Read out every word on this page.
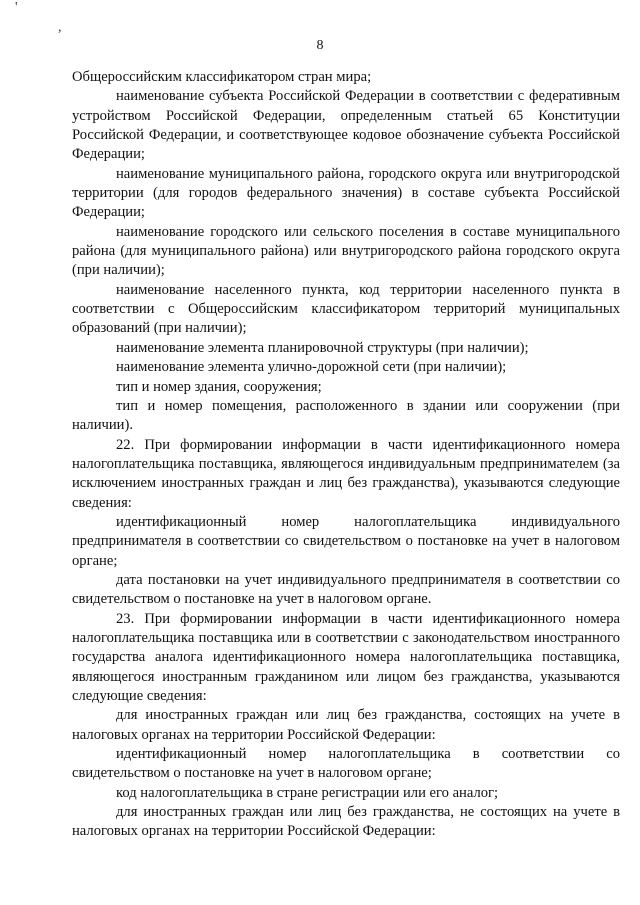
'
,
8

Общероссийским классификатором стран мира;

наименование субъекта Российской Федерации в соответствии с федеративным устройством Российской Федерации, определенным статьей 65 Конституции Российской Федерации, и соответствующее кодовое обозначение субъекта Российской Федерации;

наименование муниципального района, городского округа или внутригородской территории (для городов федерального значения) в составе субъекта Российской Федерации;

наименование городского или сельского поселения в составе муниципального района (для муниципального района) или внутригородского района городского округа (при наличии);

наименование населенного пункта, код территории населенного пункта в соответствии с Общероссийским классификатором территорий муниципальных образований (при наличии);

наименование элемента планировочной структуры (при наличии);

наименование элемента улично-дорожной сети (при наличии);

тип и номер здания, сооружения;

тип и номер помещения, расположенного в здании или сооружении (при наличии).

22. При формировании информации в части идентификационного номера налогоплательщика поставщика, являющегося индивидуальным предпринимателем (за исключением иностранных граждан и лиц без гражданства), указываются следующие сведения:

идентификационный номер налогоплательщика индивидуального предпринимателя в соответствии со свидетельством о постановке на учет в налоговом органе;

дата постановки на учет индивидуального предпринимателя в соответствии со свидетельством о постановке на учет в налоговом органе.

23. При формировании информации в части идентификационного номера налогоплательщика поставщика или в соответствии с законодательством иностранного государства аналога идентификационного номера налогоплательщика поставщика, являющегося иностранным гражданином или лицом без гражданства, указываются следующие сведения:

для иностранных граждан или лиц без гражданства, состоящих на учете в налоговых органах на территории Российской Федерации:

идентификационный номер налогоплательщика в соответствии со свидетельством о постановке на учет в налоговом органе;

код налогоплательщика в стране регистрации или его аналог;

для иностранных граждан или лиц без гражданства, не состоящих на учете в налоговых органах на территории Российской Федерации:
